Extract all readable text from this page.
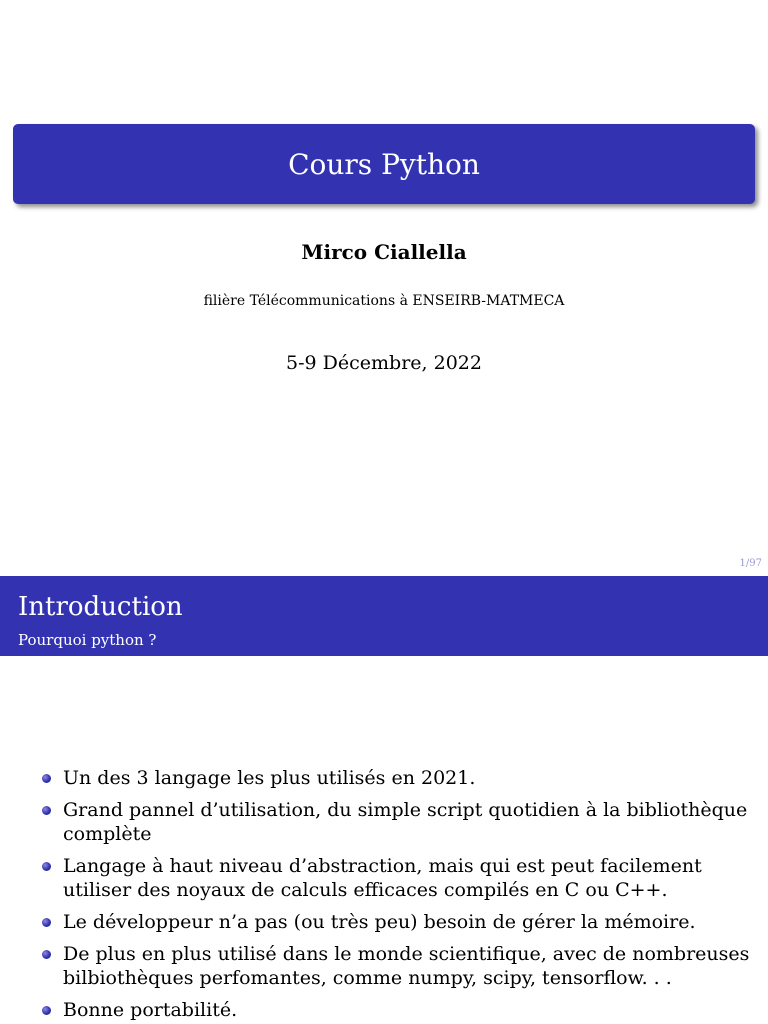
Cours Python
Mirco Ciallella
filière Télécommunications à ENSEIRB-MATMECA
5-9 Décembre, 2022
1/97
Introduction
Pourquoi python ?
Un des 3 langage les plus utilisés en 2021.
Grand pannel d’utilisation, du simple script quotidien à la bibliothèque complète
Langage à haut niveau d’abstraction, mais qui est peut facilement utiliser des noyaux de calculs efficaces compilés en C ou C++.
Le développeur n’a pas (ou très peu) besoin de gérer la mémoire.
De plus en plus utilisé dans le monde scientifique, avec de nombreuses bilbiothèques perfomantes, comme numpy, scipy, tensorflow. . .
Bonne portabilité.
